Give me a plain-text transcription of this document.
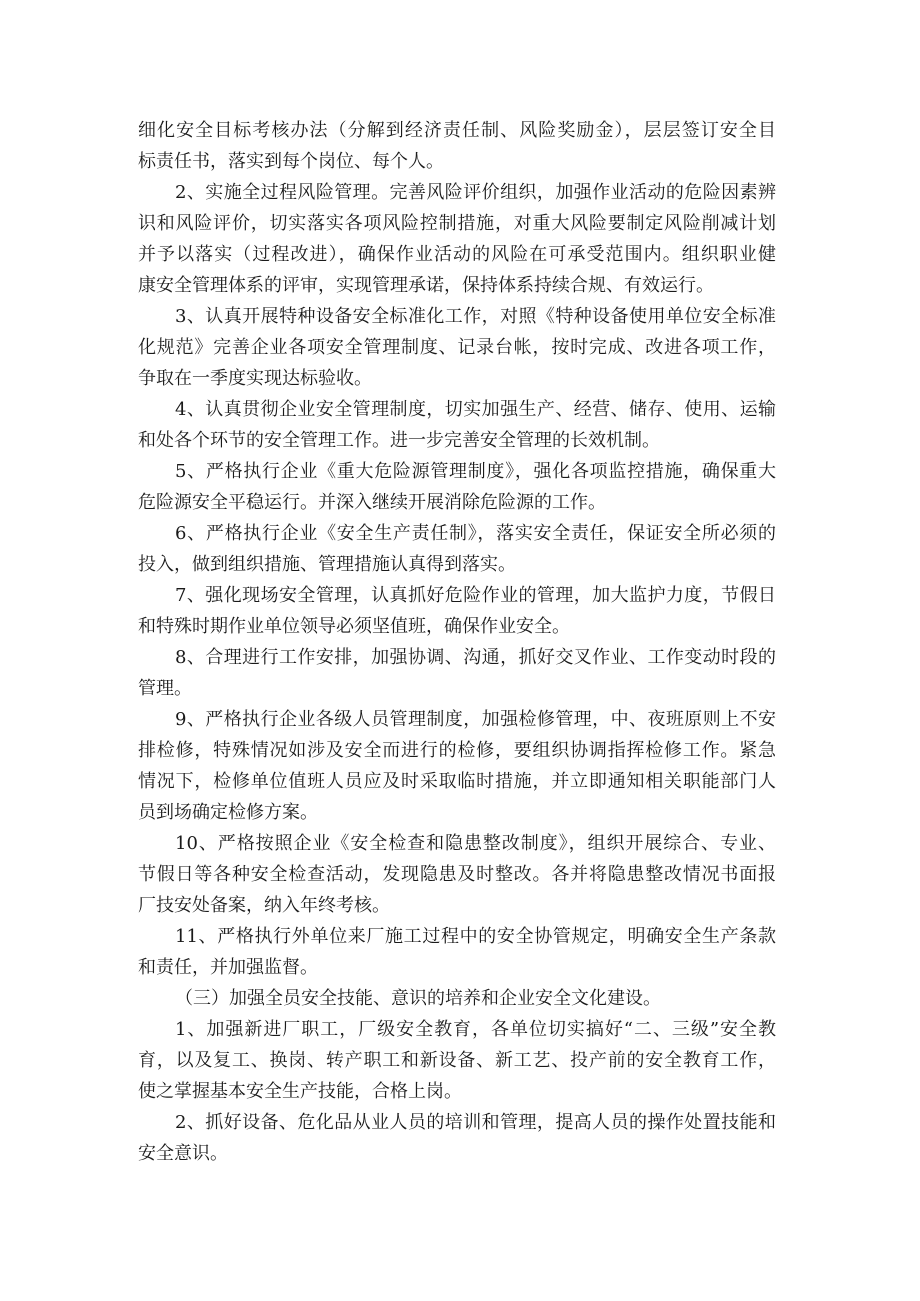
细化安全目标考核办法（分解到经济责任制、风险奖励金），层层签订安全目
标责任书，落实到每个岗位、每个人。
2、实施全过程风险管理。完善风险评价组织，加强作业活动的危险因素辨
识和风险评价，切实落实各项风险控制措施，对重大风险要制定风险削减计划
并予以落实（过程改进），确保作业活动的风险在可承受范围内。组织职业健
康安全管理体系的评审，实现管理承诺，保持体系持续合规、有效运行。
3、认真开展特种设备安全标准化工作，对照《特种设备使用单位安全标准
化规范》完善企业各项安全管理制度、记录台帐，按时完成、改进各项工作，
争取在一季度实现达标验收。
4、认真贯彻企业安全管理制度，切实加强生产、经营、储存、使用、运输
和处各个环节的安全管理工作。进一步完善安全管理的长效机制。
5、严格执行企业《重大危险源管理制度》，强化各项监控措施，确保重大
危险源安全平稳运行。并深入继续开展消除危险源的工作。
6、严格执行企业《安全生产责任制》，落实安全责任，保证安全所必须的
投入，做到组织措施、管理措施认真得到落实。
7、强化现场安全管理，认真抓好危险作业的管理，加大监护力度，节假日
和特殊时期作业单位领导必须坚值班，确保作业安全。
8、合理进行工作安排，加强协调、沟通，抓好交叉作业、工作变动时段的
管理。
9、严格执行企业各级人员管理制度，加强检修管理，中、夜班原则上不安
排检修，特殊情况如涉及安全而进行的检修，要组织协调指挥检修工作。紧急
情况下，检修单位值班人员应及时采取临时措施，并立即通知相关职能部门人
员到场确定检修方案。
10、严格按照企业《安全检查和隐患整改制度》，组织开展综合、专业、
节假日等各种安全检查活动，发现隐患及时整改。各并将隐患整改情况书面报
厂技安处备案，纳入年终考核。
11、严格执行外单位来厂施工过程中的安全协管规定，明确安全生产条款
和责任，并加强监督。
（三）加强全员安全技能、意识的培养和企业安全文化建设。
1、加强新进厂职工，厂级安全教育，各单位切实搞好“二、三级”安全教
育，以及复工、换岗、转产职工和新设备、新工艺、投产前的安全教育工作，
使之掌握基本安全生产技能，合格上岗。
2、抓好设备、危化品从业人员的培训和管理，提高人员的操作处置技能和
安全意识。
